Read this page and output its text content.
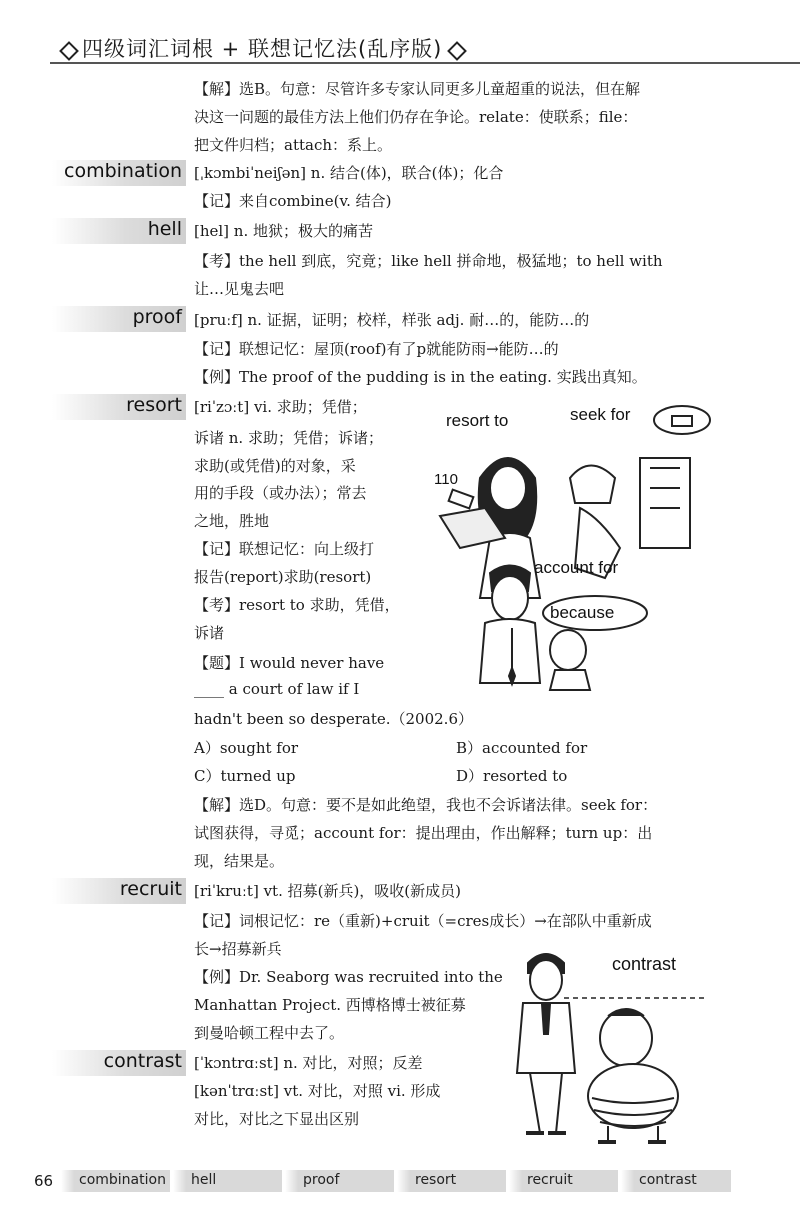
四级词汇词根 + 联想记忆法(乱序版)
【解】选B。句意：尽管许多专家认同更多儿童超重的说法，但在解
决这一问题的最佳方法上他们仍存在争论。relate：使联系；file：
把文件归档；attach：系上。
combination [ˌkɔmbiˈneiʃən] n. 结合(体)，联合(体)；化合
【记】来自combine(v. 结合)
hell [hel] n. 地狱；极大的痛苦
【考】the hell 到底，究竟；like hell 拼命地，极猛地；to hell with
让…见鬼去吧
proof [pruːf] n. 证据，证明；校样，样张 adj. 耐…的，能防…的
【记】联想记忆：屋顶(roof)有了p就能防雨→能防…的
【例】The proof of the pudding is in the eating. 实践出真知。
resort [riˈzɔːt] vi. 求助；凭借；
诉诸 n. 求助；凭借；诉诸；
求助(或凭借)的对象，采
用的手段（或办法）；常去
之地，胜地
【记】联想记忆：向上级打
报告(report)求助(resort)
【考】resort to 求助，凭借，
诉诸
【题】I would never have
____ a court of law if I
hadn't been so desperate.（2002.6）
A）sought for	B）accounted for
C）turned up	D）resorted to
【解】选D。句意：要不是如此绝望，我也不会诉诸法律。seek for：
试图获得，寻觅；account for：提出理由，作出解释；turn up：出
现，结果是。
resort to	seek for
110
account for
because
recruit [riˈkruːt] vt. 招募(新兵)，吸收(新成员)
【记】词根记忆：re（重新)+cruit（=cres成长）→在部队中重新成
长→招募新兵
【例】Dr. Seaborg was recruited into the
Manhattan Project. 西博格博士被征募
到曼哈顿工程中去了。
contrast [ˈkɔntrɑːst] n. 对比，对照；反差
[kənˈtrɑːst] vt. 对比，对照 vi. 形成
对比，对比之下显出区别
contrast
66 combination hell	proof	resort	recruit	contrast
